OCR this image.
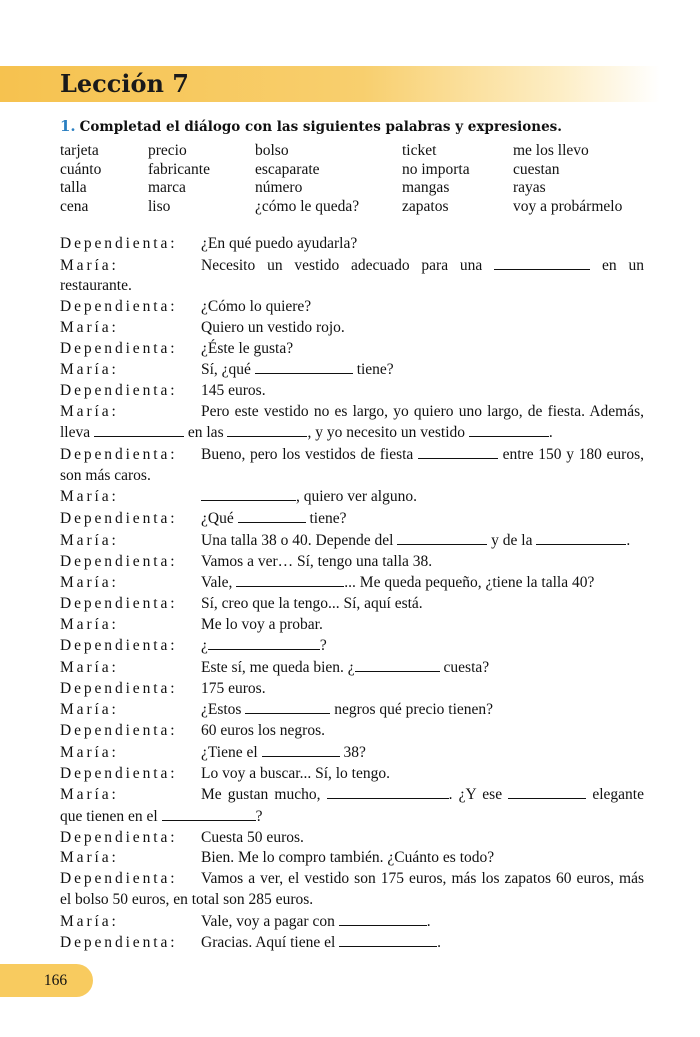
Lección 7
1. Completad el diálogo con las siguientes palabras y expresiones.
tarjeta	precio	bolso	ticket	me los llevo
cuánto	fabricante	escaparate	no importa	cuestan
talla	marca	número	mangas	rayas
cena	liso	¿cómo le queda?	zapatos	voy a probármelo
Dependienta: ¿En qué puedo ayudarla?
María:	Necesito un vestido adecuado para una	en un restaurante.
Dependienta: ¿Cómo lo quiere?
María:	Quiero un vestido rojo.
Dependienta: ¿Éste le gusta?
María:	Sí, ¿qué	tiene?
Dependienta: 145 euros.
María:	Pero este vestido no es largo, yo quiero uno largo, de fiesta. Además, lleva	en las	, y yo necesito un vestido	.
Dependienta: Bueno, pero los vestidos de fiesta	entre 150 y 180 euros, son más caros.
María:	, quiero ver alguno.
Dependienta: ¿Qué	tiene?
María:	Una talla 38 o 40. Depende del	y de la	.
Dependienta: Vamos a ver… Sí, tengo una talla 38.
María:	Vale,	... Me queda pequeño, ¿tiene la talla 40?
Dependienta: Sí, creo que la tengo... Sí, aquí está.
María:	Me lo voy a probar.
Dependienta: ¿	?
María:	Este sí, me queda bien. ¿	cuesta?
Dependienta: 175 euros.
María:	¿Estos	negros qué precio tienen?
Dependienta: 60 euros los negros.
María:	¿Tiene el	38?
Dependienta: Lo voy a buscar... Sí, lo tengo.
María:	Me gustan mucho,	. ¿Y ese	elegante que tienen en el	?
Dependienta: Cuesta 50 euros.
María:	Bien. Me lo compro también. ¿Cuánto es todo?
Dependienta: Vamos a ver, el vestido son 175 euros, más los zapatos 60 euros, más el bolso 50 euros, en total son 285 euros.
María:	Vale, voy a pagar con	.
Dependienta: Gracias. Aquí tiene el	.
166
